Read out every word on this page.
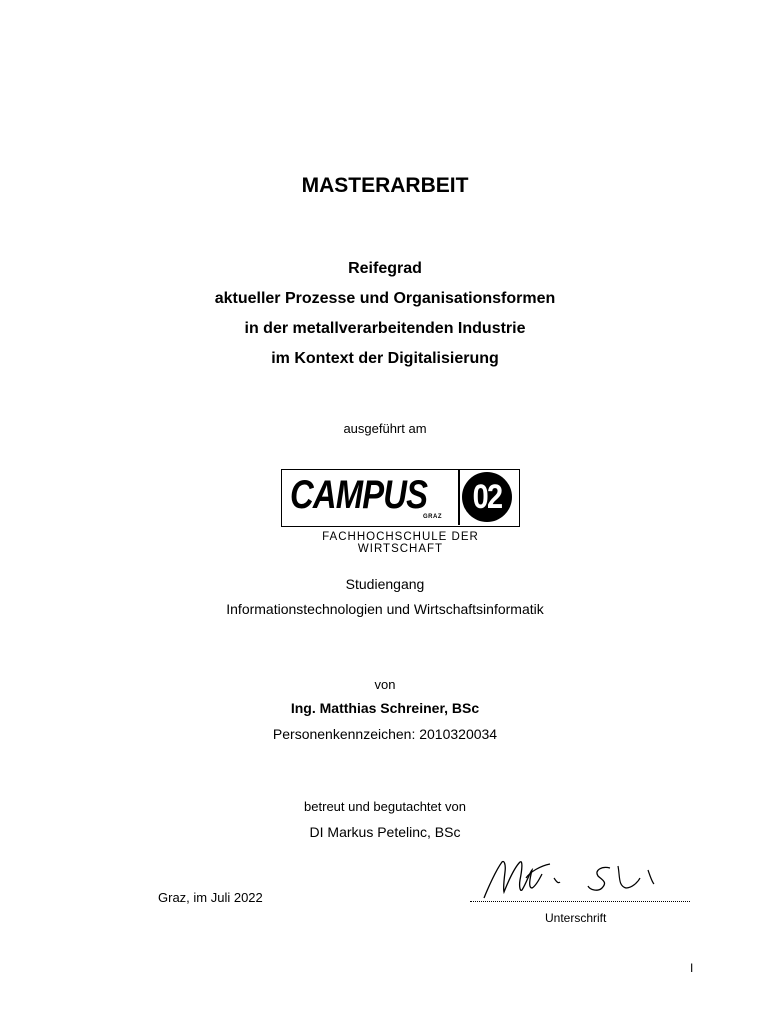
MASTERARBEIT
Reifegrad
aktueller Prozesse und Organisationsformen
in der metallverarbeitenden Industrie
im Kontext der Digitalisierung
ausgeführt am
CAMPUS
GRAZ
02
FACHHOCHSCHULE DER WIRTSCHAFT
Studiengang
Informationstechnologien und Wirtschaftsinformatik
von
Ing. Matthias Schreiner, BSc
Personenkennzeichen: 2010320034
betreut und begutachtet von
DI Markus Petelinc, BSc
Graz, im Juli 2022
Unterschrift
I
